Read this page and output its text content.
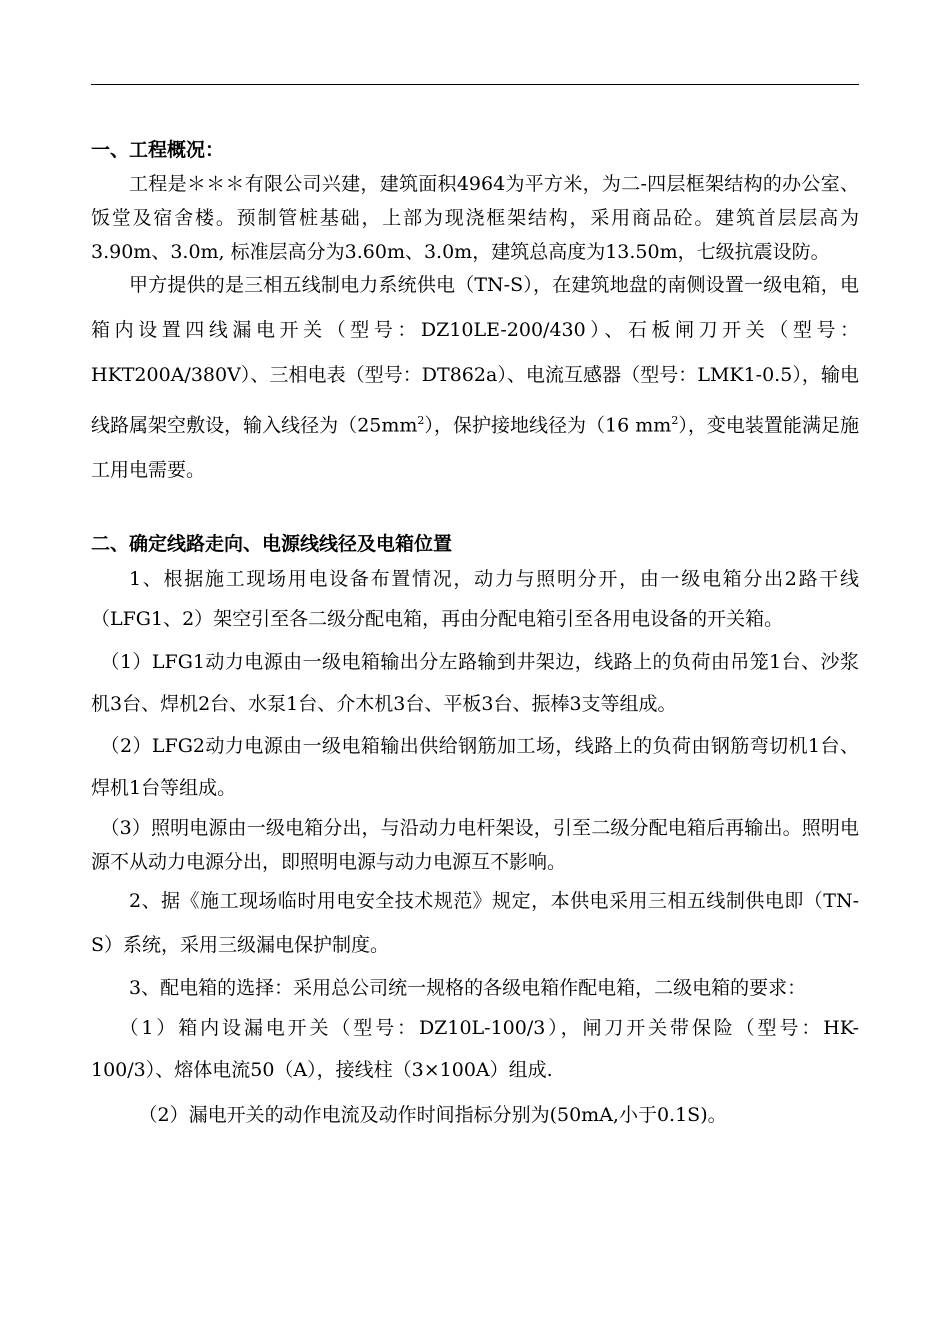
一、工程概况：

工程是＊＊＊有限公司兴建，建筑面积4964为平方米，为二-四层框架结构的办公室、饭堂及宿舍楼。预制管桩基础，上部为现浇框架结构，采用商品砼。建筑首层层高为3.90m、3.0m, 标准层高分为3.60m、3.0m，建筑总高度为13.50m，七级抗震设防。

甲方提供的是三相五线制电力系统供电（TN-S），在建筑地盘的南侧设置一级电箱，电箱内设置四线漏电开关（型号：DZ10LE-200/430）、石板闸刀开关（型号：HKT200A/380V）、三相电表（型号：DT862a）、电流互感器（型号：LMK1-0.5），输电线路属架空敷设，输入线径为$(25mm^2)$，保护接地线径为（16 $mm^2$），变电装置能满足施工用电需要。

二、确定线路走向、电源线线径及电箱位置

1、根据施工现场用电设备布置情况，动力与照明分开，由一级电箱分出2路干线（LFG1、2）架空引至各二级分配电箱，再由分配电箱引至各用电设备的开关箱。

（1）LFG1动力电源由一级电箱输出分左路输到井架边，线路上的负荷由吊笼1台、沙浆机3台、焊机2台、水泵1台、介木机3台、平板3台、振棒3支等组成。

（2）LFG2动力电源由一级电箱输出供给钢筋加工场，线路上的负荷由钢筋弯切机1台、焊机1台等组成。

（3）照明电源由一级电箱分出，与沿动力电杆架设，引至二级分配电箱后再输出。照明电源不从动力电源分出，即照明电源与动力电源互不影响。

2、据《施工现场临时用电安全技术规范》规定，本供电采用三相五线制供电即（TN-S）系统，采用三级漏电保护制度。

3、配电箱的选择：采用总公司统一规格的各级电箱作配电箱，二级电箱的要求：

（1）箱内设漏电开关（型号：DZ10L-100/3），闸刀开关带保险（型号：HK-100/3）、熔体电流50（A），接线柱（3×100A）组成.

（2）漏电开关的动作电流及动作时间指标分别为(50mA,小于0.1S)。
